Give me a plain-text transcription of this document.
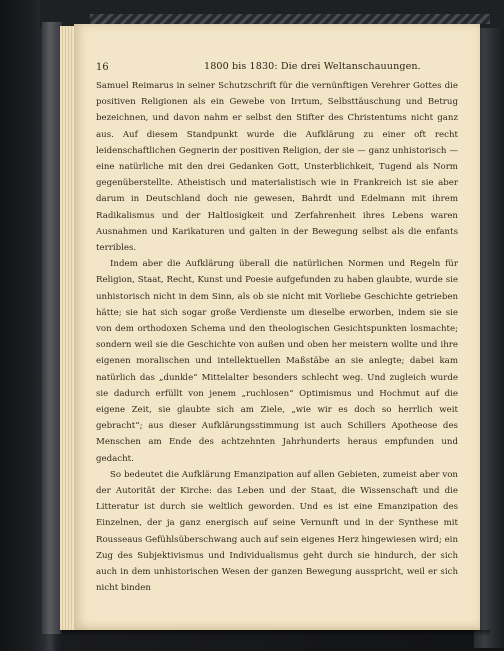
16	1800 bis 1830: Die drei Weltanschauungen.

Samuel Reimarus in seiner Schutzschrift für die vernünftigen Verehrer Gottes die positiven Religionen als ein Gewebe von Irrtum, Selbsttäuschung und Betrug bezeichnen, und davon nahm er selbst den Stifter des Christentums nicht ganz aus. Auf diesem Standpunkt wurde die Aufklärung zu einer oft recht leidenschaftlichen Gegnerin der positiven Religion, der sie — ganz unhistorisch — eine natürliche mit den drei Gedanken Gott, Unsterblichkeit, Tugend als Norm gegenüberstellte. Atheistisch und materialistisch wie in Frankreich ist sie aber darum in Deutschland doch nie gewesen, Bahrdt und Edelmann mit ihrem Radikalismus und der Haltlosigkeit und Zerfahrenheit ihres Lebens waren Ausnahmen und Karikaturen und galten in der Bewegung selbst als die enfants terribles.

Indem aber die Aufklärung überall die natürlichen Normen und Regeln für Religion, Staat, Recht, Kunst und Poesie aufgefunden zu haben glaubte, wurde sie unhistorisch nicht in dem Sinn, als ob sie nicht mit Vorliebe Geschichte getrieben hätte; sie hat sich sogar große Verdienste um dieselbe erworben, indem sie sie von dem orthodoxen Schema und den theologischen Gesichtspunkten losmachte; sondern weil sie die Geschichte von außen und oben her meistern wollte und ihre eigenen moralischen und intellektuellen Maßstäbe an sie anlegte; dabei kam natürlich das „dunkle“ Mittelalter besonders schlecht weg. Und zugleich wurde sie dadurch erfüllt von jenem „ruchlosen“ Optimismus und Hochmut auf die eigene Zeit, sie glaubte sich am Ziele, „wie wir es doch so herrlich weit gebracht“; aus dieser Aufklärungsstimmung ist auch Schillers Apotheose des Menschen am Ende des achtzehnten Jahrhunderts heraus empfunden und gedacht.

So bedeutet die Aufklärung Emanzipation auf allen Gebieten, zumeist aber von der Autorität der Kirche: das Leben und der Staat, die Wissenschaft und die Litteratur ist durch sie weltlich geworden. Und es ist eine Emanzipation des Einzelnen, der ja ganz energisch auf seine Vernunft und in der Synthese mit Rousseaus Gefühlsüberschwang auch auf sein eigenes Herz hingewiesen wird; ein Zug des Subjektivismus und Individualismus geht durch sie hindurch, der sich auch in dem unhistorischen Wesen der ganzen Bewegung ausspricht, weil er sich nicht binden
